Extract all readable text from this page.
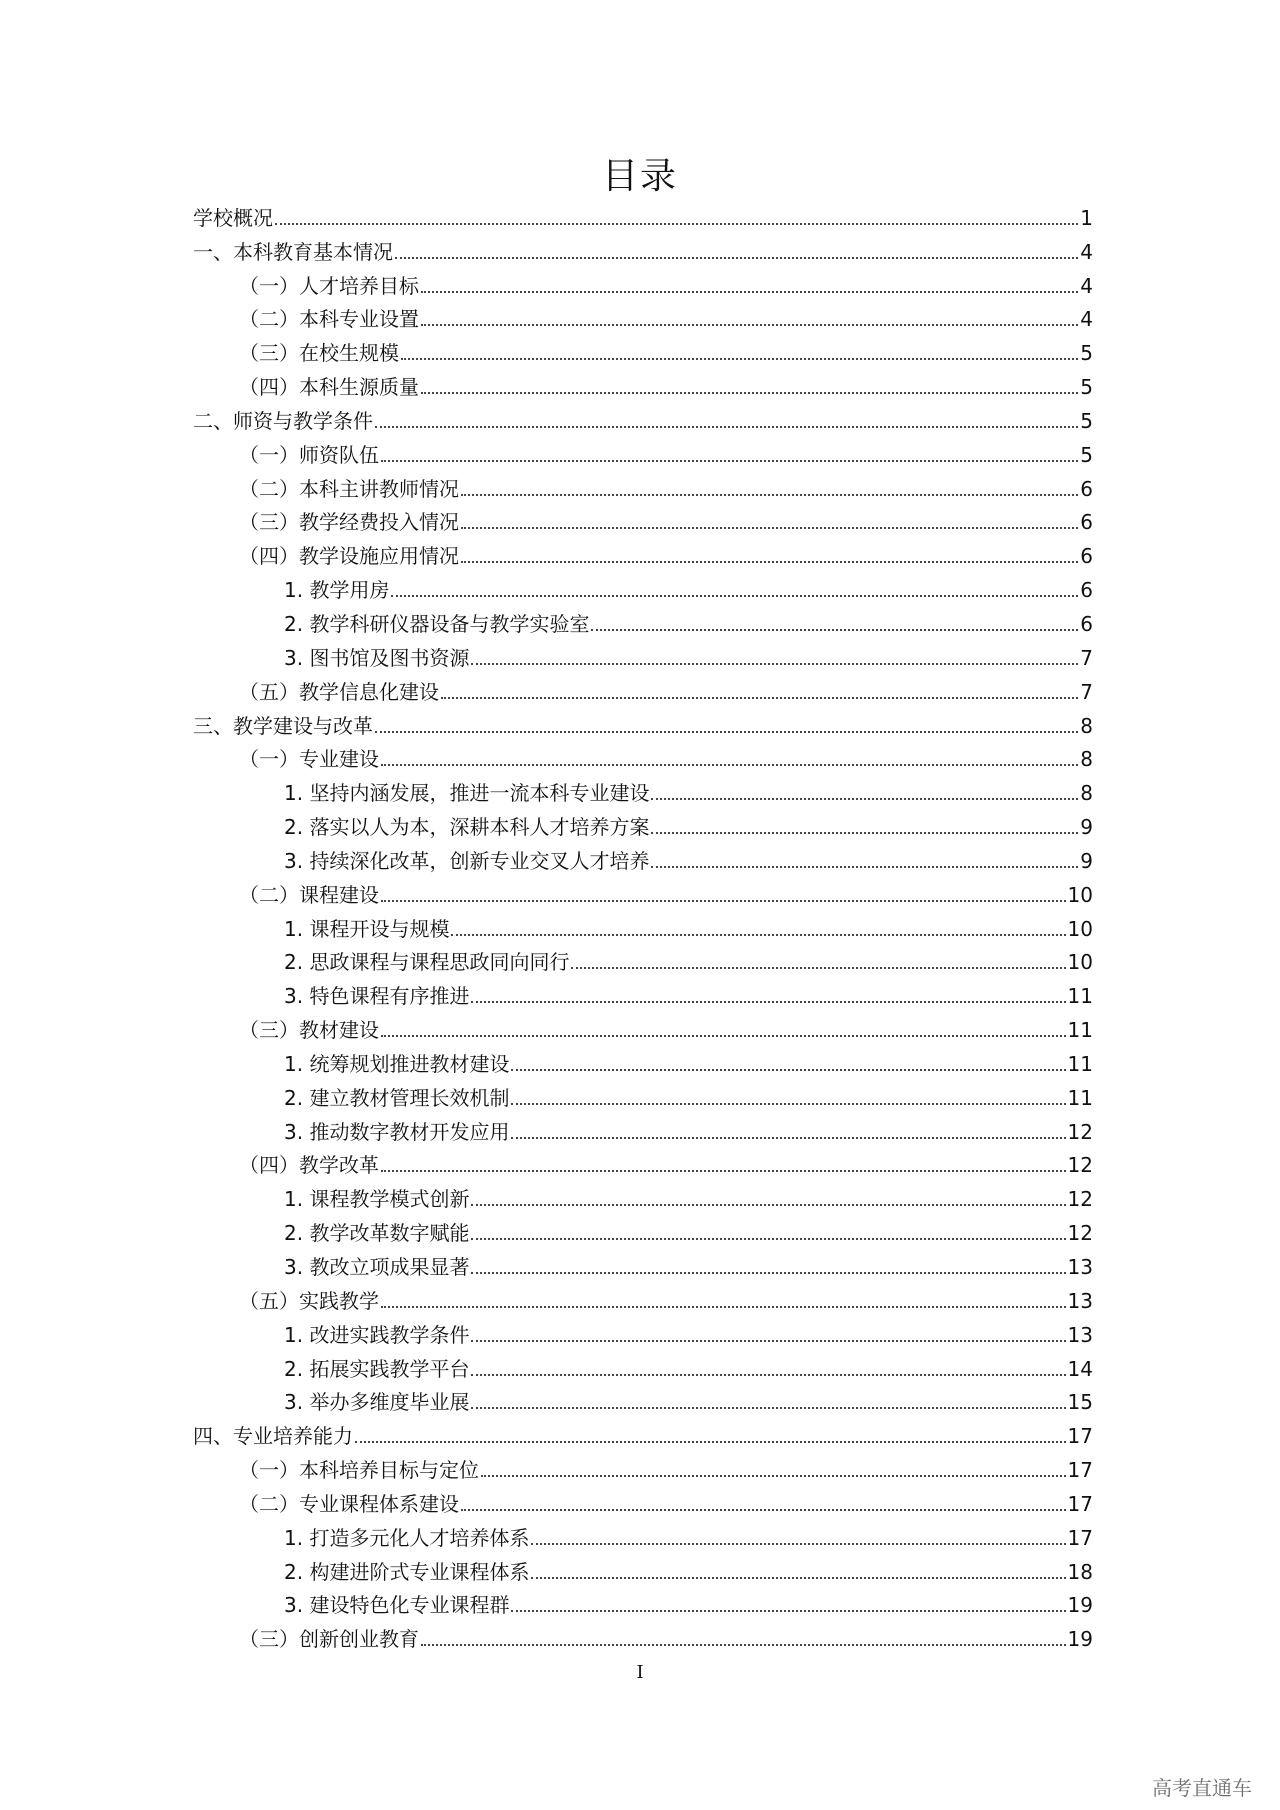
目录
学校概况	1
一、本科教育基本情况	4
（一）人才培养目标	4
（二）本科专业设置	4
（三）在校生规模	5
（四）本科生源质量	5
二、师资与教学条件	5
（一）师资队伍	5
（二）本科主讲教师情况	6
（三）教学经费投入情况	6
（四）教学设施应用情况	6
1. 教学用房	6
2. 教学科研仪器设备与教学实验室	6
3. 图书馆及图书资源	7
（五）教学信息化建设	7
三、教学建设与改革	8
（一）专业建设	8
1. 坚持内涵发展，推进一流本科专业建设	8
2. 落实以人为本，深耕本科人才培养方案	9
3. 持续深化改革，创新专业交叉人才培养	9
（二）课程建设	10
1. 课程开设与规模	10
2. 思政课程与课程思政同向同行	10
3. 特色课程有序推进	11
（三）教材建设	11
1. 统筹规划推进教材建设	11
2. 建立教材管理长效机制	11
3. 推动数字教材开发应用	12
（四）教学改革	12
1. 课程教学模式创新	12
2. 教学改革数字赋能	12
3. 教改立项成果显著	13
（五）实践教学	13
1. 改进实践教学条件	13
2. 拓展实践教学平台	14
3. 举办多维度毕业展	15
四、专业培养能力	17
（一）本科培养目标与定位	17
（二）专业课程体系建设	17
1. 打造多元化人才培养体系	17
2. 构建进阶式专业课程体系	18
3. 建设特色化专业课程群	19
（三）创新创业教育	19
I
高考直通车
